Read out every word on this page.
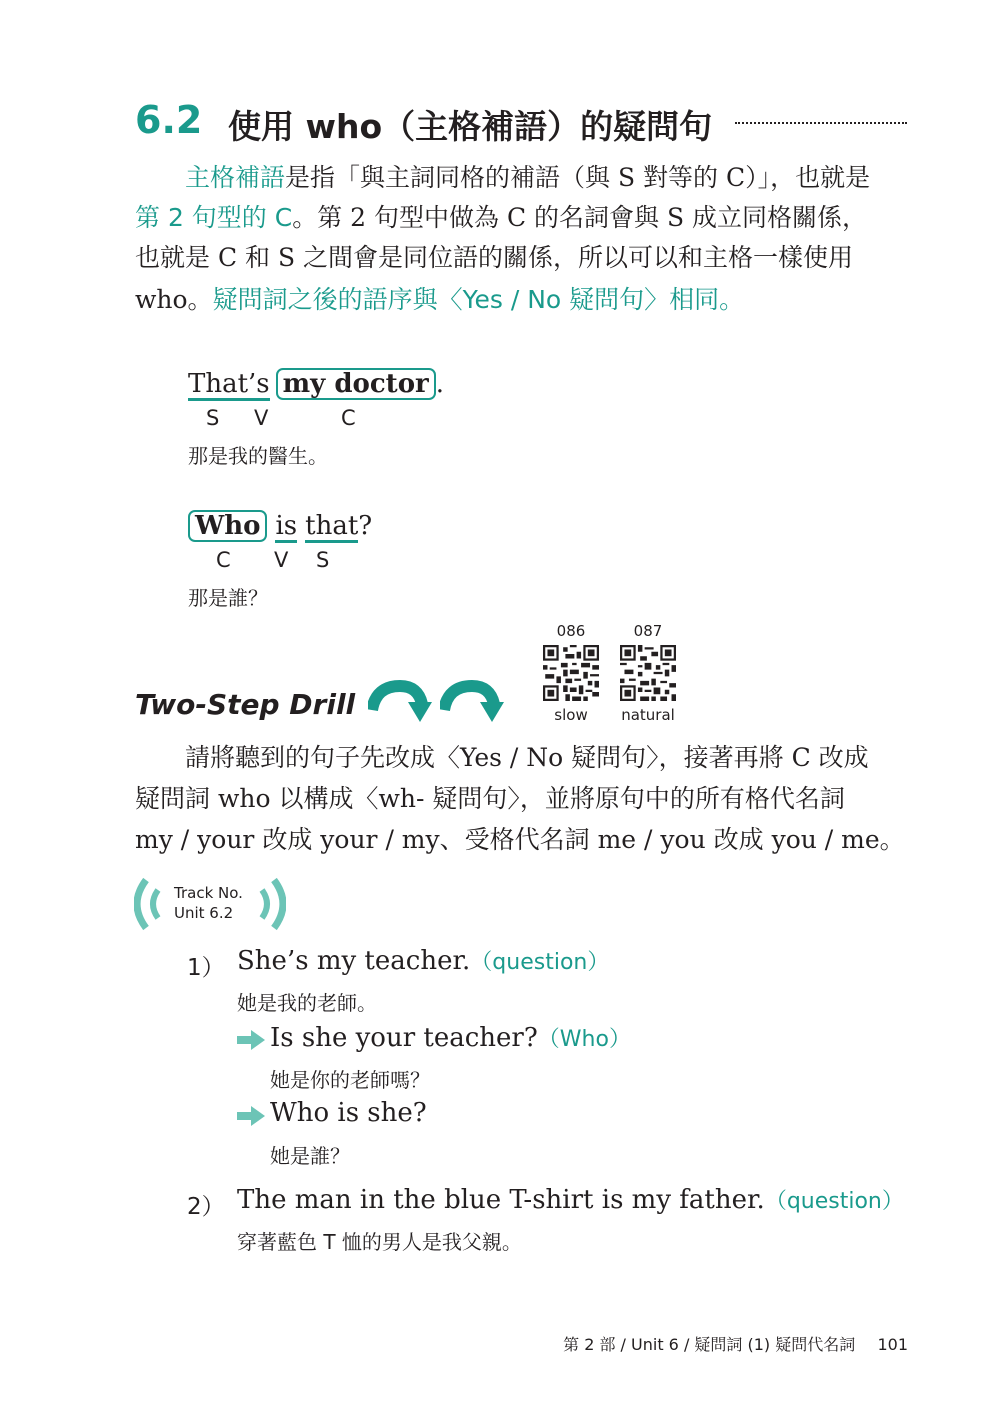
6.2 使用 who（主格補語）的疑問句
主格補語是指「與主詞同格的補語（與 S 對等的 C）」，也就是
第 2 句型的 C。第 2 句型中做為 C 的名詞會與 S 成立同格關係，
也就是 C 和 S 之間會是同位語的關係，所以可以和主格一樣使用
who。疑問詞之後的語序與〈Yes / No 疑問句〉相同。
That’s my doctor .
S V	C
那是我的醫生。
Who is that?
C V S
那是誰？
Two-Step Drill
086
slow
087
natural
請將聽到的句子先改成〈Yes / No 疑問句〉，接著再將 C 改成
疑問詞 who 以構成〈wh- 疑問句〉，並將原句中的所有格代名詞
my / your 改成 your / my、受格代名詞 me / you 改成 you / me。
Track No.
Unit 6.2
1） She’s my teacher.（question）
她是我的老師。
Is she your teacher?（Who）
她是你的老師嗎？
Who is she?
她是誰？
2） The man in the blue T-shirt is my father.（question）
穿著藍色 T 恤的男人是我父親。
第 2 部 / Unit 6 / 疑問詞 (1) 疑問代名詞 101
